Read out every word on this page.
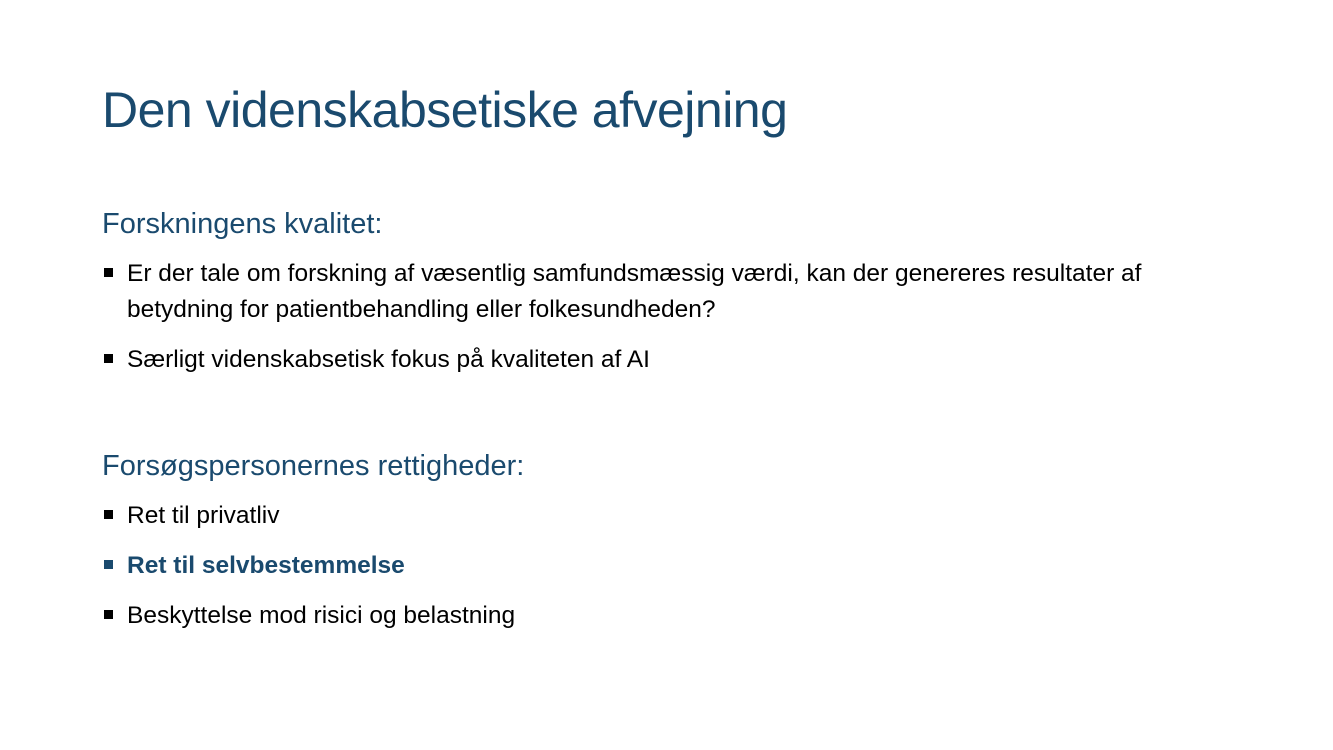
Den videnskabsetiske afvejning
Forskningens kvalitet:
Er der tale om forskning af væsentlig samfundsmæssig værdi, kan der genereres resultater af betydning for patientbehandling eller folkesundheden?
Særligt videnskabsetisk fokus på kvaliteten af AI
Forsøgspersonernes rettigheder:
Ret til privatliv
Ret til selvbestemmelse
Beskyttelse mod risici og belastning
